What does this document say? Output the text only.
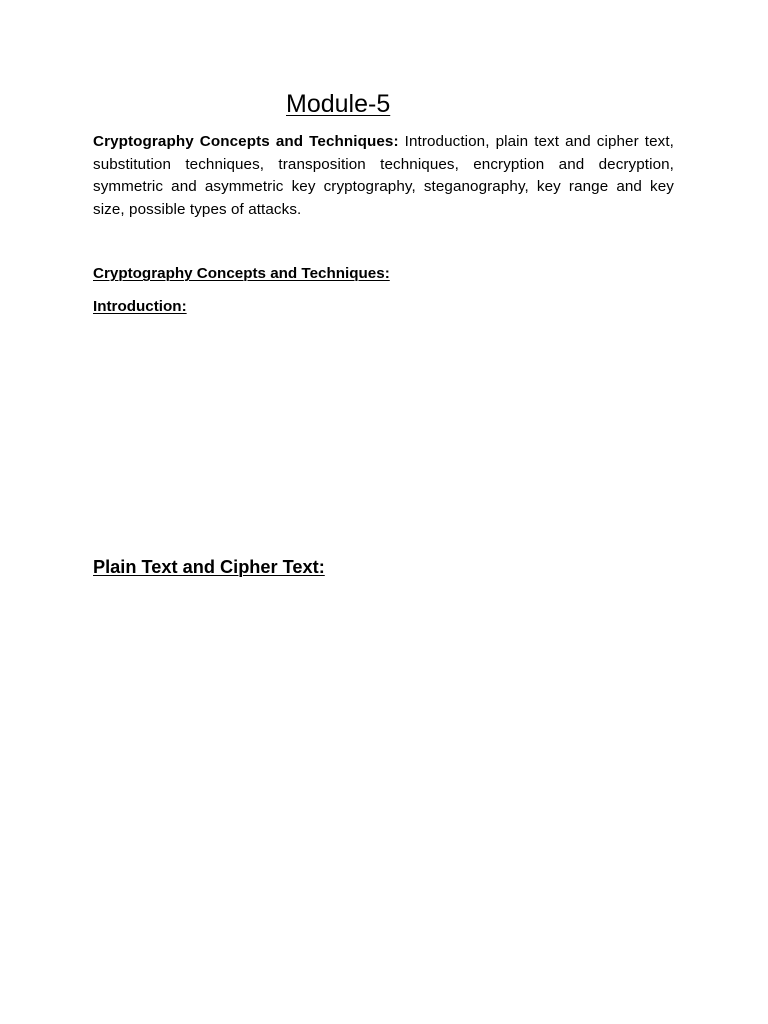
Module-5

Cryptography Concepts and Techniques: Introduction, plain text and cipher text, substitution techniques, transposition techniques, encryption and decryption, symmetric and asymmetric key cryptography, steganography, key range and key size, possible types of attacks.

Cryptography Concepts and Techniques:
Introduction:
Plain Text and Cipher Text:
